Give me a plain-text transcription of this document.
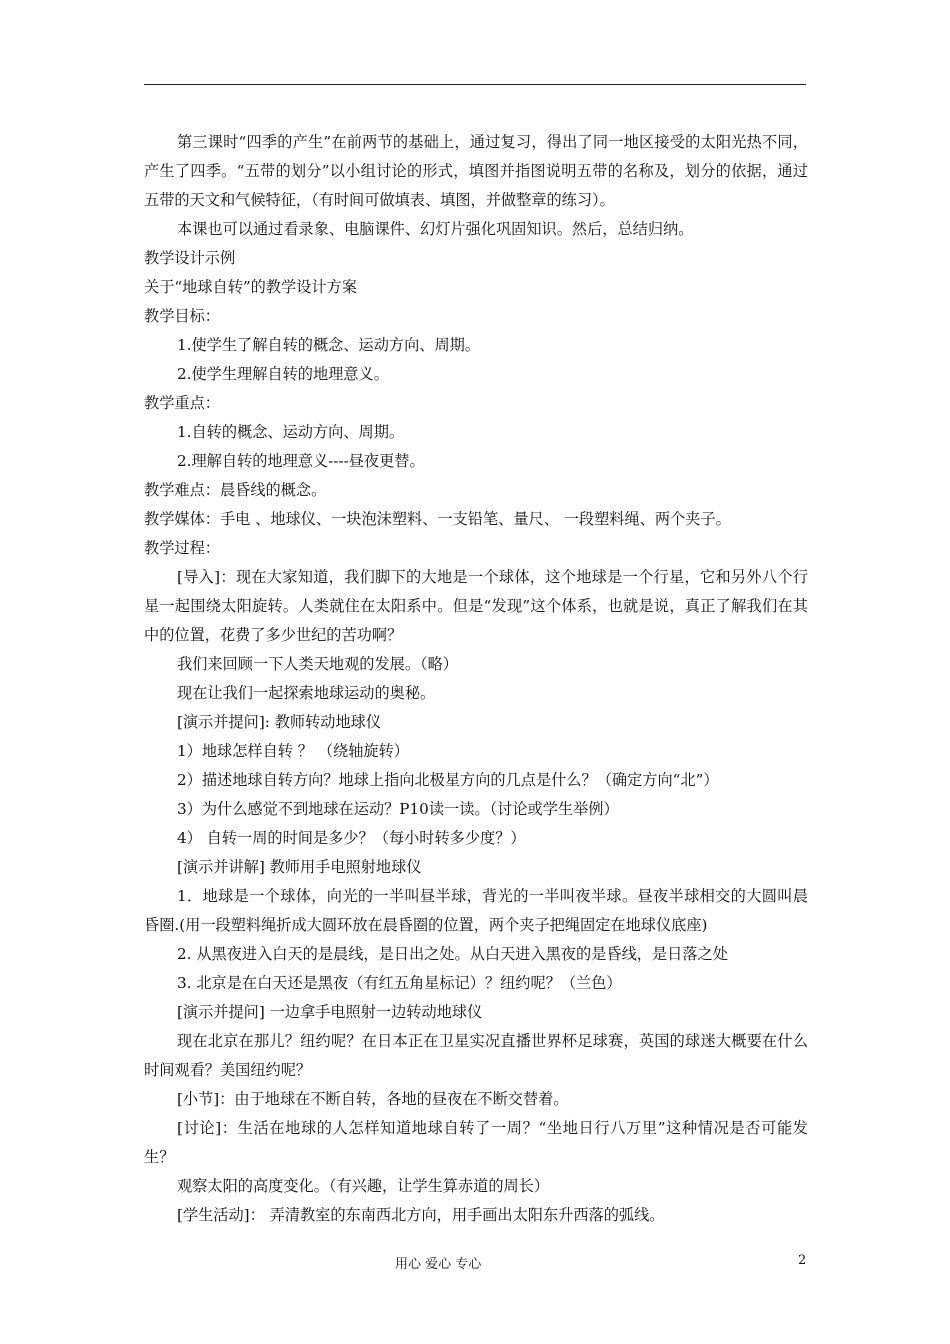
第三课时“四季的产生”在前两节的基础上，通过复习，得出了同一地区接受的太阳光热不同，产生了四季。“五带的划分”以小组讨论的形式，填图并指图说明五带的名称及，划分的依据，通过五带的天文和气候特征，（有时间可做填表、填图，并做整章的练习）。

本课也可以通过看录象、电脑课件、幻灯片强化巩固知识。然后，总结归纳。

教学设计示例

关于“地球自转”的教学设计方案

教学目标：

1.使学生了解自转的概念、运动方向、周期。

2.使学生理解自转的地理意义。

教学重点：

1.自转的概念、运动方向、周期。

2.理解自转的地理意义----昼夜更替。

教学难点：晨昏线的概念。

教学媒体：手电 、地球仪、一块泡沫塑料、一支铅笔、量尺、 一段塑料绳、两个夹子。

教学过程：

[导入]：现在大家知道，我们脚下的大地是一个球体，这个地球是一个行星，它和另外八个行星一起围绕太阳旋转。人类就住在太阳系中。但是“发现”这个体系，也就是说，真正了解我们在其中的位置，花费了多少世纪的苦功啊？

我们来回顾一下人类天地观的发展。（略）

现在让我们一起探索地球运动的奥秘。

[演示并提问]: 教师转动地球仪

1）地球怎样自转 ？ （绕轴旋转）

2）描述地球自转方向？地球上指向北极星方向的几点是什么？（确定方向“北”）

3）为什么感觉不到地球在运动？P10读一读。（讨论或学生举例）

4） 自转一周的时间是多少？（每小时转多少度？）

[演示并讲解] 教师用手电照射地球仪

1．地球是一个球体，向光的一半叫昼半球，背光的一半叫夜半球。昼夜半球相交的大圆叫晨昏圈.(用一段塑料绳折成大圆环放在晨昏圈的位置，两个夹子把绳固定在地球仪底座)

2. 从黑夜进入白天的是晨线，是日出之处。从白天进入黑夜的是昏线，是日落之处

3. 北京是在白天还是黑夜（有红五角星标记）？纽约呢？（兰色）

[演示并提问] 一边拿手电照射一边转动地球仪

现在北京在那儿？纽约呢？在日本正在卫星实况直播世界杯足球赛，英国的球迷大概要在什么时间观看？美国纽约呢？

[小节]：由于地球在不断自转，各地的昼夜在不断交替着。

[讨论]：生活在地球的人怎样知道地球自转了一周？“坐地日行八万里”这种情况是否可能发生？

观察太阳的高度变化。（有兴趣，让学生算赤道的周长）

[学生活动]： 弄清教室的东南西北方向，用手画出太阳东升西落的弧线。

用心 爱心 专心	2
